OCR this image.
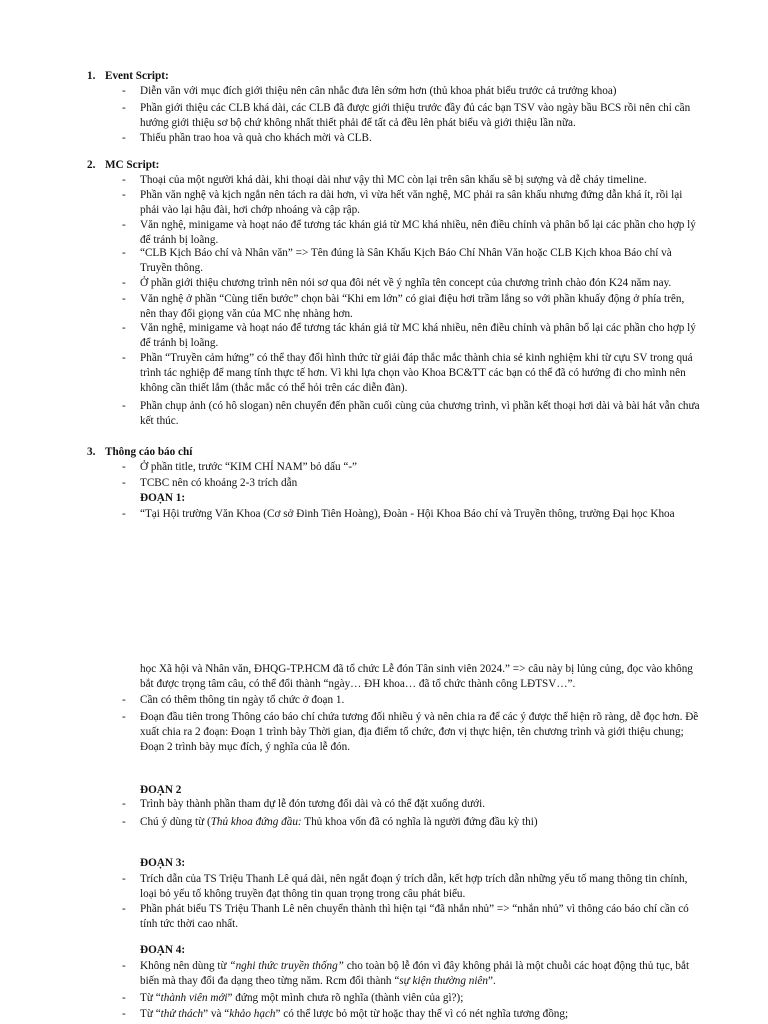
1. Event Script:
-	Diễn văn với mục đích giới thiệu nên cân nhắc đưa lên sớm hơn (thủ khoa phát biểu trước cả trưởng khoa)
-	Phần giới thiệu các CLB khá dài, các CLB đã được giới thiệu trước đầy đủ các bạn TSV vào ngày bầu BCS rồi nên chỉ cần hướng giới thiệu sơ bộ chứ không nhất thiết phải để tất cả đều lên phát biểu và giới thiệu lần nữa.
-	Thiếu phần trao hoa và quà cho khách mời và CLB.
2. MC Script:
-	Thoại của một người khá dài, khi thoại dài như vậy thì MC còn lại trên sân khấu sẽ bị sượng và dễ cháy timeline.
-	Phần văn nghệ và kịch ngắn nên tách ra dài hơn, vì vừa hết văn nghệ, MC phải ra sân khấu nhưng đứng dẫn khá ít, rồi lại phải vào lại hậu đài, hơi chớp nhoáng và cập rập.
-	Văn nghệ, minigame và hoạt náo để tương tác khán giả từ MC khá nhiều, nên điều chỉnh và phân bổ lại các phần cho hợp lý để tránh bị loãng.
-	“CLB Kịch Báo chí và Nhân văn” => Tên đúng là Sân Khấu Kịch Báo Chí Nhân Văn hoặc CLB Kịch khoa Báo chí và Truyền thông.
-	Ở phần giới thiệu chương trình nên nói sơ qua đôi nét về ý nghĩa tên concept của chương trình chào đón K24 năm nay.
-	Văn nghệ ở phần “Cùng tiến bước” chọn bài “Khi em lớn” có giai điệu hơi trầm lắng so với phần khuấy động ở phía trên, nên thay đổi giọng văn của MC nhẹ nhàng hơn.
-	Văn nghệ, minigame và hoạt náo để tương tác khán giả từ MC khá nhiều, nên điều chỉnh và phân bổ lại các phần cho hợp lý để tránh bị loãng.
-	Phần “Truyền cảm hứng” có thể thay đổi hình thức từ giải đáp thắc mắc thành chia sẻ kinh nghiệm khi từ cựu SV trong quá trình tác nghiệp để mang tính thực tế hơn. Vì khi lựa chọn vào Khoa BC&TT các bạn có thể đã có hướng đi cho mình nên không cần thiết lắm (thắc mắc có thể hỏi trên các diễn đàn).
-	Phần chụp ảnh (có hô slogan) nên chuyển đến phần cuối cùng của chương trình, vì phần kết thoại hơi dài và bài hát vẫn chưa kết thúc.
3. Thông cáo báo chí
-	Ở phần title, trước “KIM CHỈ NAM” bỏ dấu “-”
-	TCBC nên có khoảng 2-3 trích dẫn
ĐOẠN 1:
-	“Tại Hội trường Văn Khoa (Cơ sở Đinh Tiên Hoàng), Đoàn - Hội Khoa Báo chí và Truyền thông, trường Đại học Khoa
học Xã hội và Nhân văn, ĐHQG-TP.HCM đã tổ chức Lễ đón Tân sinh viên 2024.” => câu này bị lủng củng, đọc vào không bắt được trọng tâm câu, có thể đổi thành “ngày… ĐH khoa… đã tổ chức thành công LĐTSV…”.
-	Cần có thêm thông tin ngày tổ chức ở đoạn 1.
-	Đoạn đầu tiên trong Thông cáo báo chí chứa tương đối nhiều ý và nên chia ra để các ý được thể hiện rõ ràng, dễ đọc hơn. Đề xuất chia ra 2 đoạn: Đoạn 1 trình bày Thời gian, địa điểm tổ chức, đơn vị thực hiện, tên chương trình và giới thiệu chung; Đoạn 2 trình bày mục đích, ý nghĩa của lễ đón.
ĐOẠN 2
-	Trình bày thành phần tham dự lễ đón tương đối dài và có thể đặt xuống dưới.
-	Chú ý dùng từ (Thủ khoa đứng đầu: Thủ khoa vốn đã có nghĩa là người đứng đầu kỳ thi)
ĐOẠN 3:
-	Trích dẫn của TS Triệu Thanh Lê quá dài, nên ngắt đoạn ý trích dẫn, kết hợp trích dẫn những yếu tố mang thông tin chính, loại bỏ yếu tố không truyền đạt thông tin quan trọng trong câu phát biểu.
-	Phần phát biểu TS Triệu Thanh Lê nên chuyển thành thì hiện tại “đã nhắn nhủ” => “nhắn nhủ” vì thông cáo báo chí cần có tính tức thời cao nhất.
ĐOẠN 4:
-	Không nên dùng từ “nghi thức truyền thống” cho toàn bộ lễ đón vì đây không phải là một chuỗi các hoạt động thủ tục, bắt biến mà thay đổi đa dạng theo từng năm. Rcm đổi thành “sự kiện thường niên”.
-	Từ “thành viên mới” đứng một mình chưa rõ nghĩa (thành viên của gì?);
-	Từ “thử thách” và “khảo hạch” có thể lược bỏ một từ hoặc thay thế vì có nét nghĩa tương đồng;
